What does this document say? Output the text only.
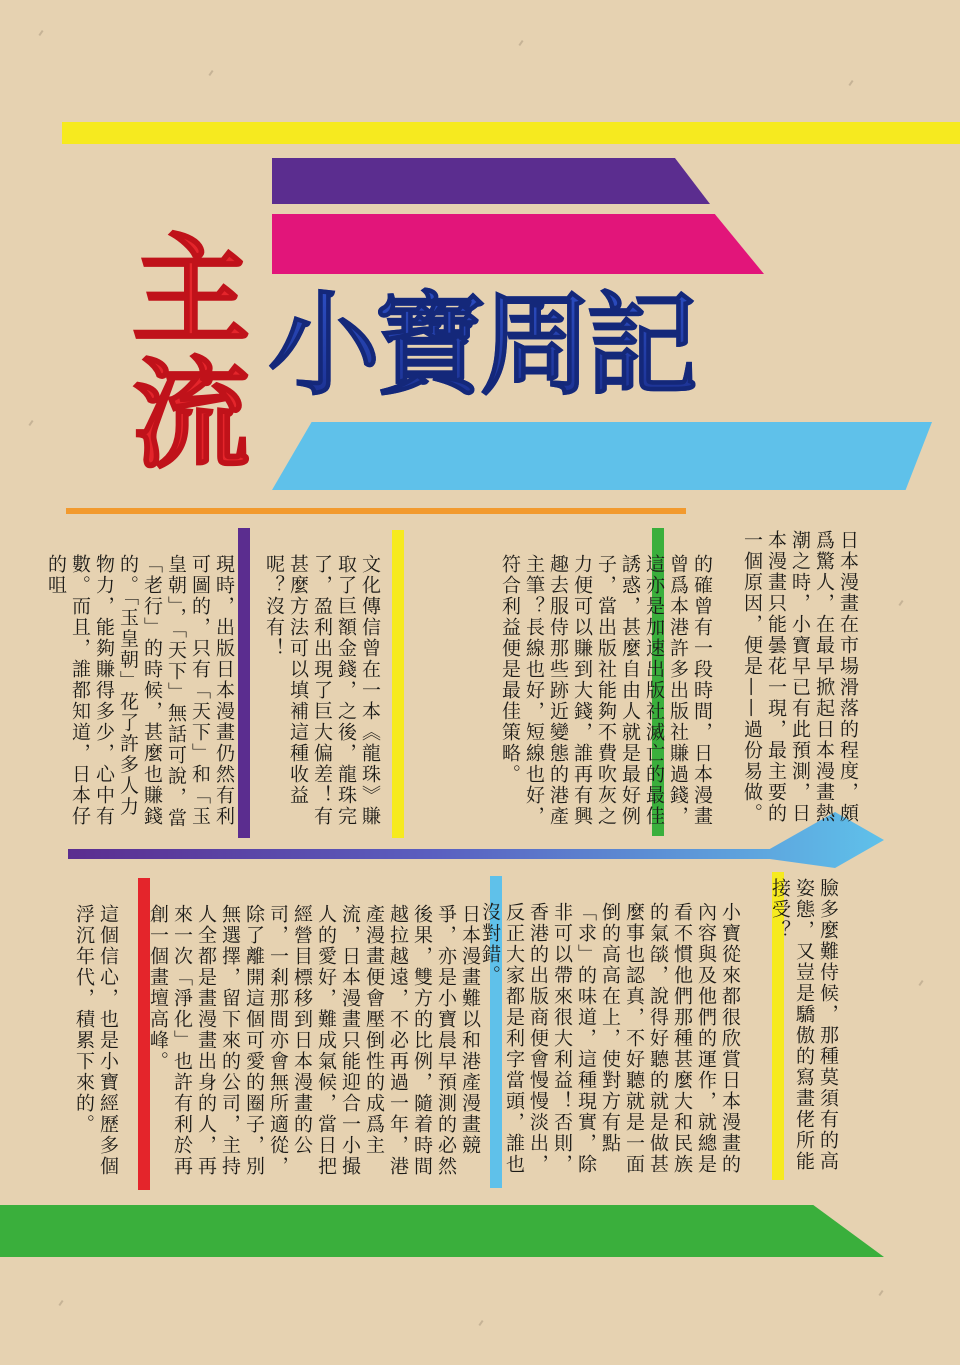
主流 小寶周記

日本漫畫在市場滑落的程度，頗爲驚人，在最早掀起日本漫畫熱潮之時，小寶早已有此預測，日本漫畫只能曇花一現，最主要的一個原因，便是——過份易做。

的確曾有一段時間，日本漫畫曾爲本港許多出版社賺過錢，這亦是加速出版社滅亡的最佳誘惑，甚麼自由人就是最好例子，當出版社能夠不費吹灰之力便可以賺到大錢，誰再有興趣去服侍那些跡近變態的港產主筆？長線也好，短線也好，符合利益便是最佳策略。

文化傳信曾在一本《龍珠》賺取了巨額金錢，之後，龍珠完了，盈利出現了巨大偏差！有甚麼方法可以填補這種收益呢？沒有！

現時，出版日本漫畫仍然有利可圖的，只有「天下」和「玉皇朝」，「天下」無話可說，當「老行」的時候，甚麼也賺錢的。「玉皇朝」花了許多人力物力，能夠賺得多少，心中有數。而且，誰都知道，日本仔的咀

臉多麼難侍候，那種莫須有的高姿態，又豈是驕傲的寫畫佬所能接受？

小寶從來都很欣賞日本漫畫的內容與及他們的運作，就總是看不慣他們那種甚麼大和民族的氣燄，說得好聽的就是做甚麼事也認真，不好聽就是一面倒的高高在上，使對方有點「求」的味道，這種現實，除非可以帶來很大利益！否則，香港的出版商便會慢慢淡出，反正大家都是利字當頭，誰也沒對錯。

日本漫畫難以和港產漫畫競爭，亦是小寶晨早預測的必然後果，雙方的比例，隨着時間越拉越遠，不必再過一年，港產漫畫便會壓倒性的成爲主流，日本漫畫只能迎合一小撮人的愛好，難成氣候，當日把經營目標移到日本漫畫的公司，一剎那間亦會無所適從，除了離開這個可愛的圈子，別無選擇，留下來的公司，主持人全都是畫漫畫出身的人，再來一次「淨化」也許有利於再創一個畫壇高峰。

這個信心，也是小寶經歷多個浮沉年代，積累下來的。
